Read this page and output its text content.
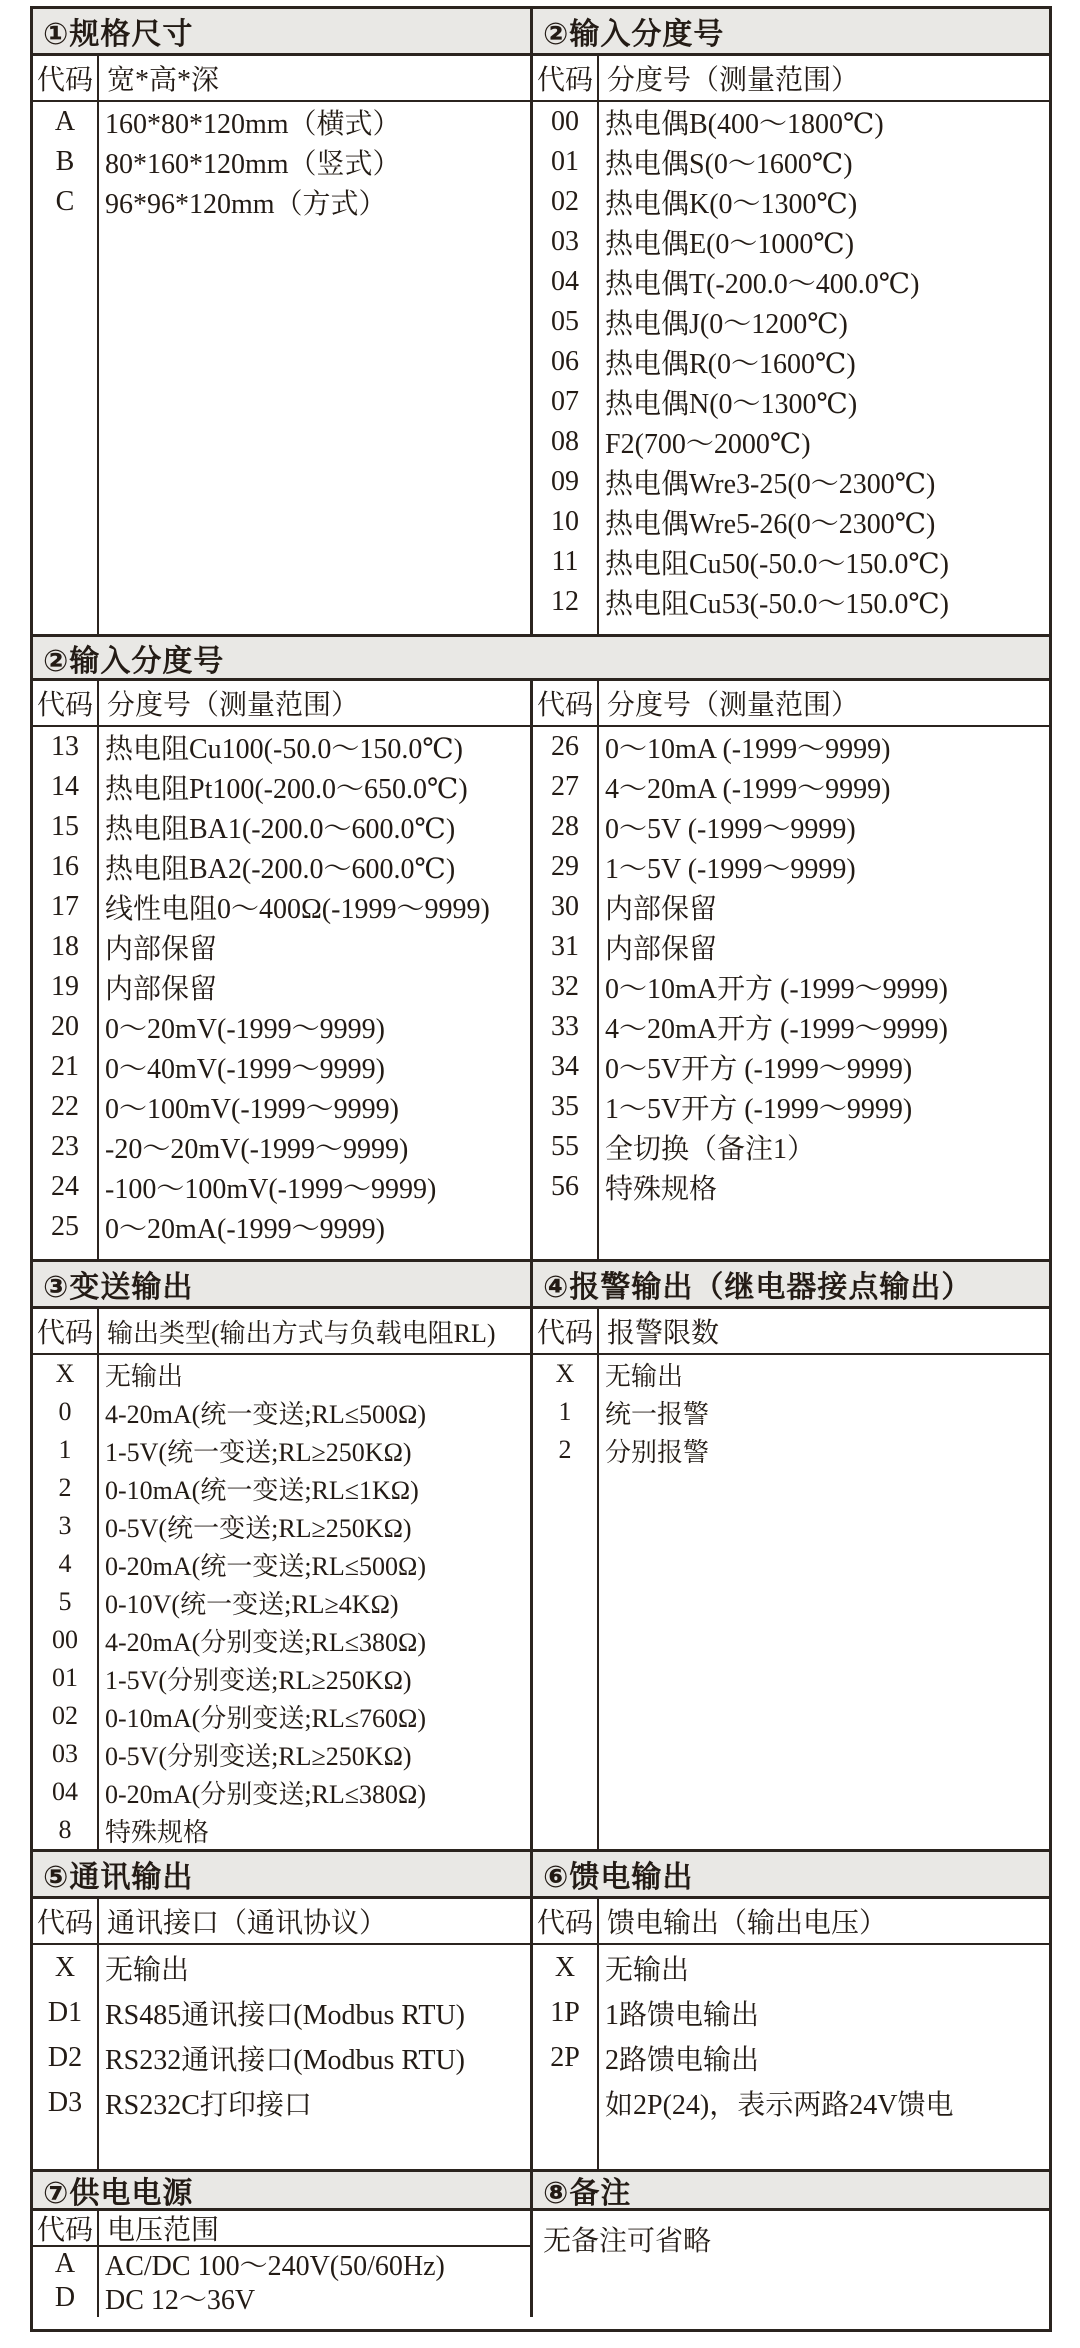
①规格尺寸
代码 宽*高*深
A	160*80*120mm（横式）
B	80*160*120mm（竖式）
C	96*96*120mm（方式）
②输入分度号
代码 分度号（测量范围）
00 热电偶B(400～1800℃)
01 热电偶S(0～1600℃)
02 热电偶K(0～1300℃)
03 热电偶E(0～1000℃)
04 热电偶T(-200.0～400.0℃)
05 热电偶J(0～1200℃)
06 热电偶R(0～1600℃)
07 热电偶N(0～1300℃)
08 F2(700～2000℃)
09 热电偶Wre3-25(0～2300℃)
10 热电偶Wre5-26(0～2300℃)
11 热电阻Cu50(-50.0～150.0℃)
12 热电阻Cu53(-50.0～150.0℃)
②输入分度号
代码 分度号（测量范围）
13 热电阻Cu100(-50.0～150.0℃)
14 热电阻Pt100(-200.0～650.0℃)
15 热电阻BA1(-200.0～600.0℃)
16 热电阻BA2(-200.0～600.0℃)
17 线性电阻0～400Ω(-1999～9999)
18 内部保留
19 内部保留
20 0～20mV(-1999～9999)
21 0～40mV(-1999～9999)
22 0～100mV(-1999～9999)
23 -20～20mV(-1999～9999)
24 -100～100mV(-1999～9999)
25 0～20mA(-1999～9999)
代码 分度号（测量范围）
26 0～10mA (-1999～9999)
27 4～20mA (-1999～9999)
28 0～5V (-1999～9999)
29 1～5V (-1999～9999)
30 内部保留
31 内部保留
32 0～10mA开方 (-1999～9999)
33 4～20mA开方 (-1999～9999)
34 0～5V开方 (-1999～9999)
35 1～5V开方 (-1999～9999)
55 全切换（备注1）
56 特殊规格
③变送输出
代码 输出类型(输出方式与负载电阻RL)
X	无输出
0	4-20mA(统一变送;RL≤500Ω)
1	1-5V(统一变送;RL≥250KΩ)
2	0-10mA(统一变送;RL≤1KΩ)
3	0-5V(统一变送;RL≥250KΩ)
4	0-20mA(统一变送;RL≤500Ω)
5	0-10V(统一变送;RL≥4KΩ)
00	4-20mA(分别变送;RL≤380Ω)
01	1-5V(分别变送;RL≥250KΩ)
02	0-10mA(分别变送;RL≤760Ω)
03	0-5V(分别变送;RL≥250KΩ)
04	0-20mA(分别变送;RL≤380Ω)
8	特殊规格
④报警输出（继电器接点输出）
代码 报警限数
X	无输出
1	统一报警
2	分别报警
⑤通讯输出
代码 通讯接口（通讯协议）
X	无输出
D1 RS485通讯接口(Modbus RTU)
D2 RS232通讯接口(Modbus RTU)
D3 RS232C打印接口
⑥馈电输出
代码 馈电输出（输出电压）
X	无输出
1P 1路馈电输出
2P 2路馈电输出
如2P(24)，表示两路24V馈电
⑦供电电源
代码 电压范围
A	AC/DC 100～240V(50/60Hz)
D	DC 12～36V
⑧备注
无备注可省略
